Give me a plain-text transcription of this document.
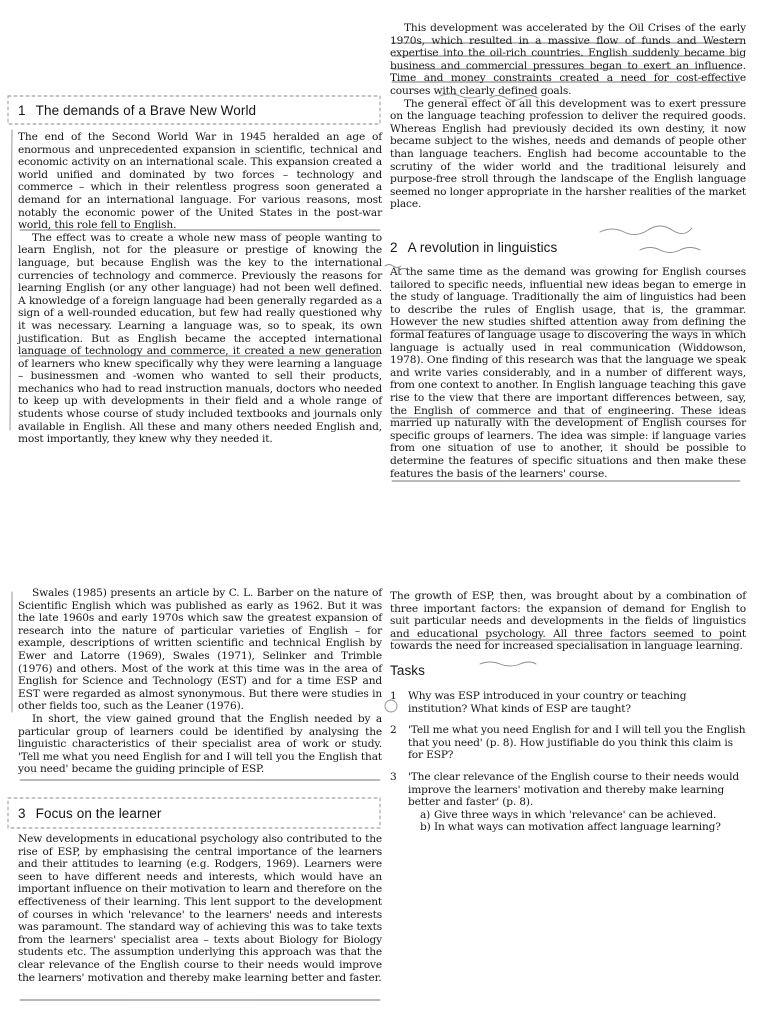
This development was accelerated by the Oil Crises of the early 1970s, which resulted in a massive flow of funds and Western expertise into the oil-rich countries. English suddenly became big business and commercial pressures began to exert an influence. Time and money constraints created a need for cost-effective courses with clearly defined goals.

The general effect of all this development was to exert pressure on the language teaching profession to deliver the required goods. Whereas English had previously decided its own destiny, it now became subject to the wishes, needs and demands of people other than language teachers. English had become accountable to the scrutiny of the wider world and the traditional leisurely and purpose-free stroll through the landscape of the English language seemed no longer appropriate in the harsher realities of the market place.

1 The demands of a Brave New World

The end of the Second World War in 1945 heralded an age of enormous and unprecedented expansion in scientific, technical and economic activity on an international scale. This expansion created a world unified and dominated by two forces – technology and commerce – which in their relentless progress soon generated a demand for an international language. For various reasons, most notably the economic power of the United States in the post-war world, this role fell to English.

The effect was to create a whole new mass of people wanting to learn English, not for the pleasure or prestige of knowing the language, but because English was the key to the international currencies of technology and commerce. Previously the reasons for learning English (or any other language) had not been well defined. A knowledge of a foreign language had been generally regarded as a sign of a well-rounded education, but few had really questioned why it was necessary. Learning a language was, so to speak, its own justification. But as English became the accepted international language of technology and commerce, it created a new generation of learners who knew specifically why they were learning a language – businessmen and -women who wanted to sell their products, mechanics who had to read instruction manuals, doctors who needed to keep up with developments in their field and a whole range of students whose course of study included textbooks and journals only available in English. All these and many others needed English and, most importantly, they knew why they needed it.

2 A revolution in linguistics

At the same time as the demand was growing for English courses tailored to specific needs, influential new ideas began to emerge in the study of language. Traditionally the aim of linguistics had been to describe the rules of English usage, that is, the grammar. However the new studies shifted attention away from defining the formal features of language usage to discovering the ways in which language is actually used in real communication (Widdowson, 1978). One finding of this research was that the language we speak and write varies considerably, and in a number of different ways, from one context to another. In English language teaching this gave rise to the view that there are important differences between, say, the English of commerce and that of engineering. These ideas married up naturally with the development of English courses for specific groups of learners. The idea was simple: if language varies from one situation of use to another, it should be possible to determine the features of specific situations and then make these features the basis of the learners' course.

Swales (1985) presents an article by C. L. Barber on the nature of Scientific English which was published as early as 1962. But it was the late 1960s and early 1970s which saw the greatest expansion of research into the nature of particular varieties of English – for example, descriptions of written scientific and technical English by Ewer and Latorre (1969), Swales (1971), Selinker and Trimble (1976) and others. Most of the work at this time was in the area of English for Science and Technology (EST) and for a time ESP and EST were regarded as almost synonymous. But there were studies in other fields too, such as the Leaner (1976).

In short, the view gained ground that the English needed by a particular group of learners could be identified by analysing the linguistic characteristics of their specialist area of work or study. 'Tell me what you need English for and I will tell you the English that you need' became the guiding principle of ESP.

3 Focus on the learner

New developments in educational psychology also contributed to the rise of ESP, by emphasising the central importance of the learners and their attitudes to learning (e.g. Rodgers, 1969). Learners were seen to have different needs and interests, which would have an important influence on their motivation to learn and therefore on the effectiveness of their learning. This lent support to the development of courses in which 'relevance' to the learners' needs and interests was paramount. The standard way of achieving this was to take texts from the learners' specialist area – texts about Biology for Biology students etc. The assumption underlying this approach was that the clear relevance of the English course to their needs would improve the learners' motivation and thereby make learning better and faster.

The growth of ESP, then, was brought about by a combination of three important factors: the expansion of demand for English to suit particular needs and developments in the fields of linguistics and educational psychology. All three factors seemed to point towards the need for increased specialisation in language learning.

Tasks
1 Why was ESP introduced in your country or teaching institution? What kinds of ESP are taught?
2 'Tell me what you need English for and I will tell you the English that you need' (p. 8). How justifiable do you think this claim is for ESP?
3 'The clear relevance of the English course to their needs would improve the learners' motivation and thereby make learning better and faster' (p. 8).
a) Give three ways in which 'relevance' can be achieved.
b) In what ways can motivation affect language learning?
